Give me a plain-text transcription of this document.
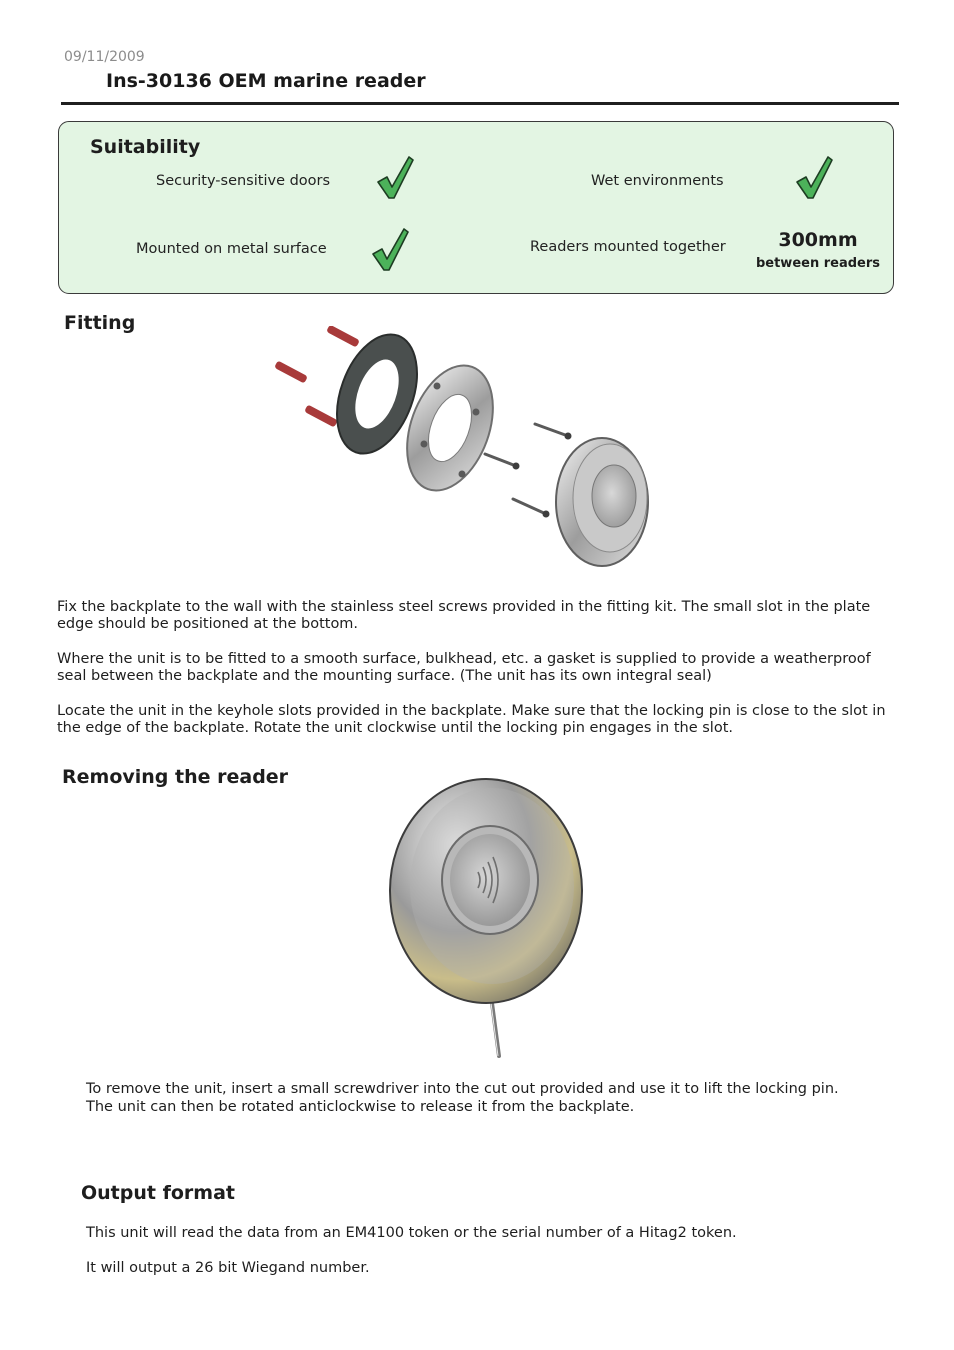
09/11/2009
Ins-30136 OEM marine reader
Suitability
Security-sensitive doors	Wet environments
Mounted on metal surface	Readers mounted together	300mm
between readers
Fitting

Fix the backplate to the wall with the stainless steel screws provided in the fitting kit. The small slot in the plate edge should be positioned at the bottom.

Where the unit is to be fitted to a smooth surface, bulkhead, etc. a gasket is supplied to provide a weatherproof seal between the backplate and the mounting surface. (The unit has its own integral seal)

Locate the unit in the keyhole slots provided in the backplate. Make sure that the locking pin is close to the slot in the edge of the backplate. Rotate the unit clockwise until the locking pin engages in the slot.

Removing the reader

To remove the unit, insert a small screwdriver into the cut out provided and use it to lift the locking pin.

The unit can then be rotated anticlockwise to release it from the backplate.

Output format

This unit will read the data from an EM4100 token or the serial number of a Hitag2 token.

It will output a 26 bit Wiegand number.
